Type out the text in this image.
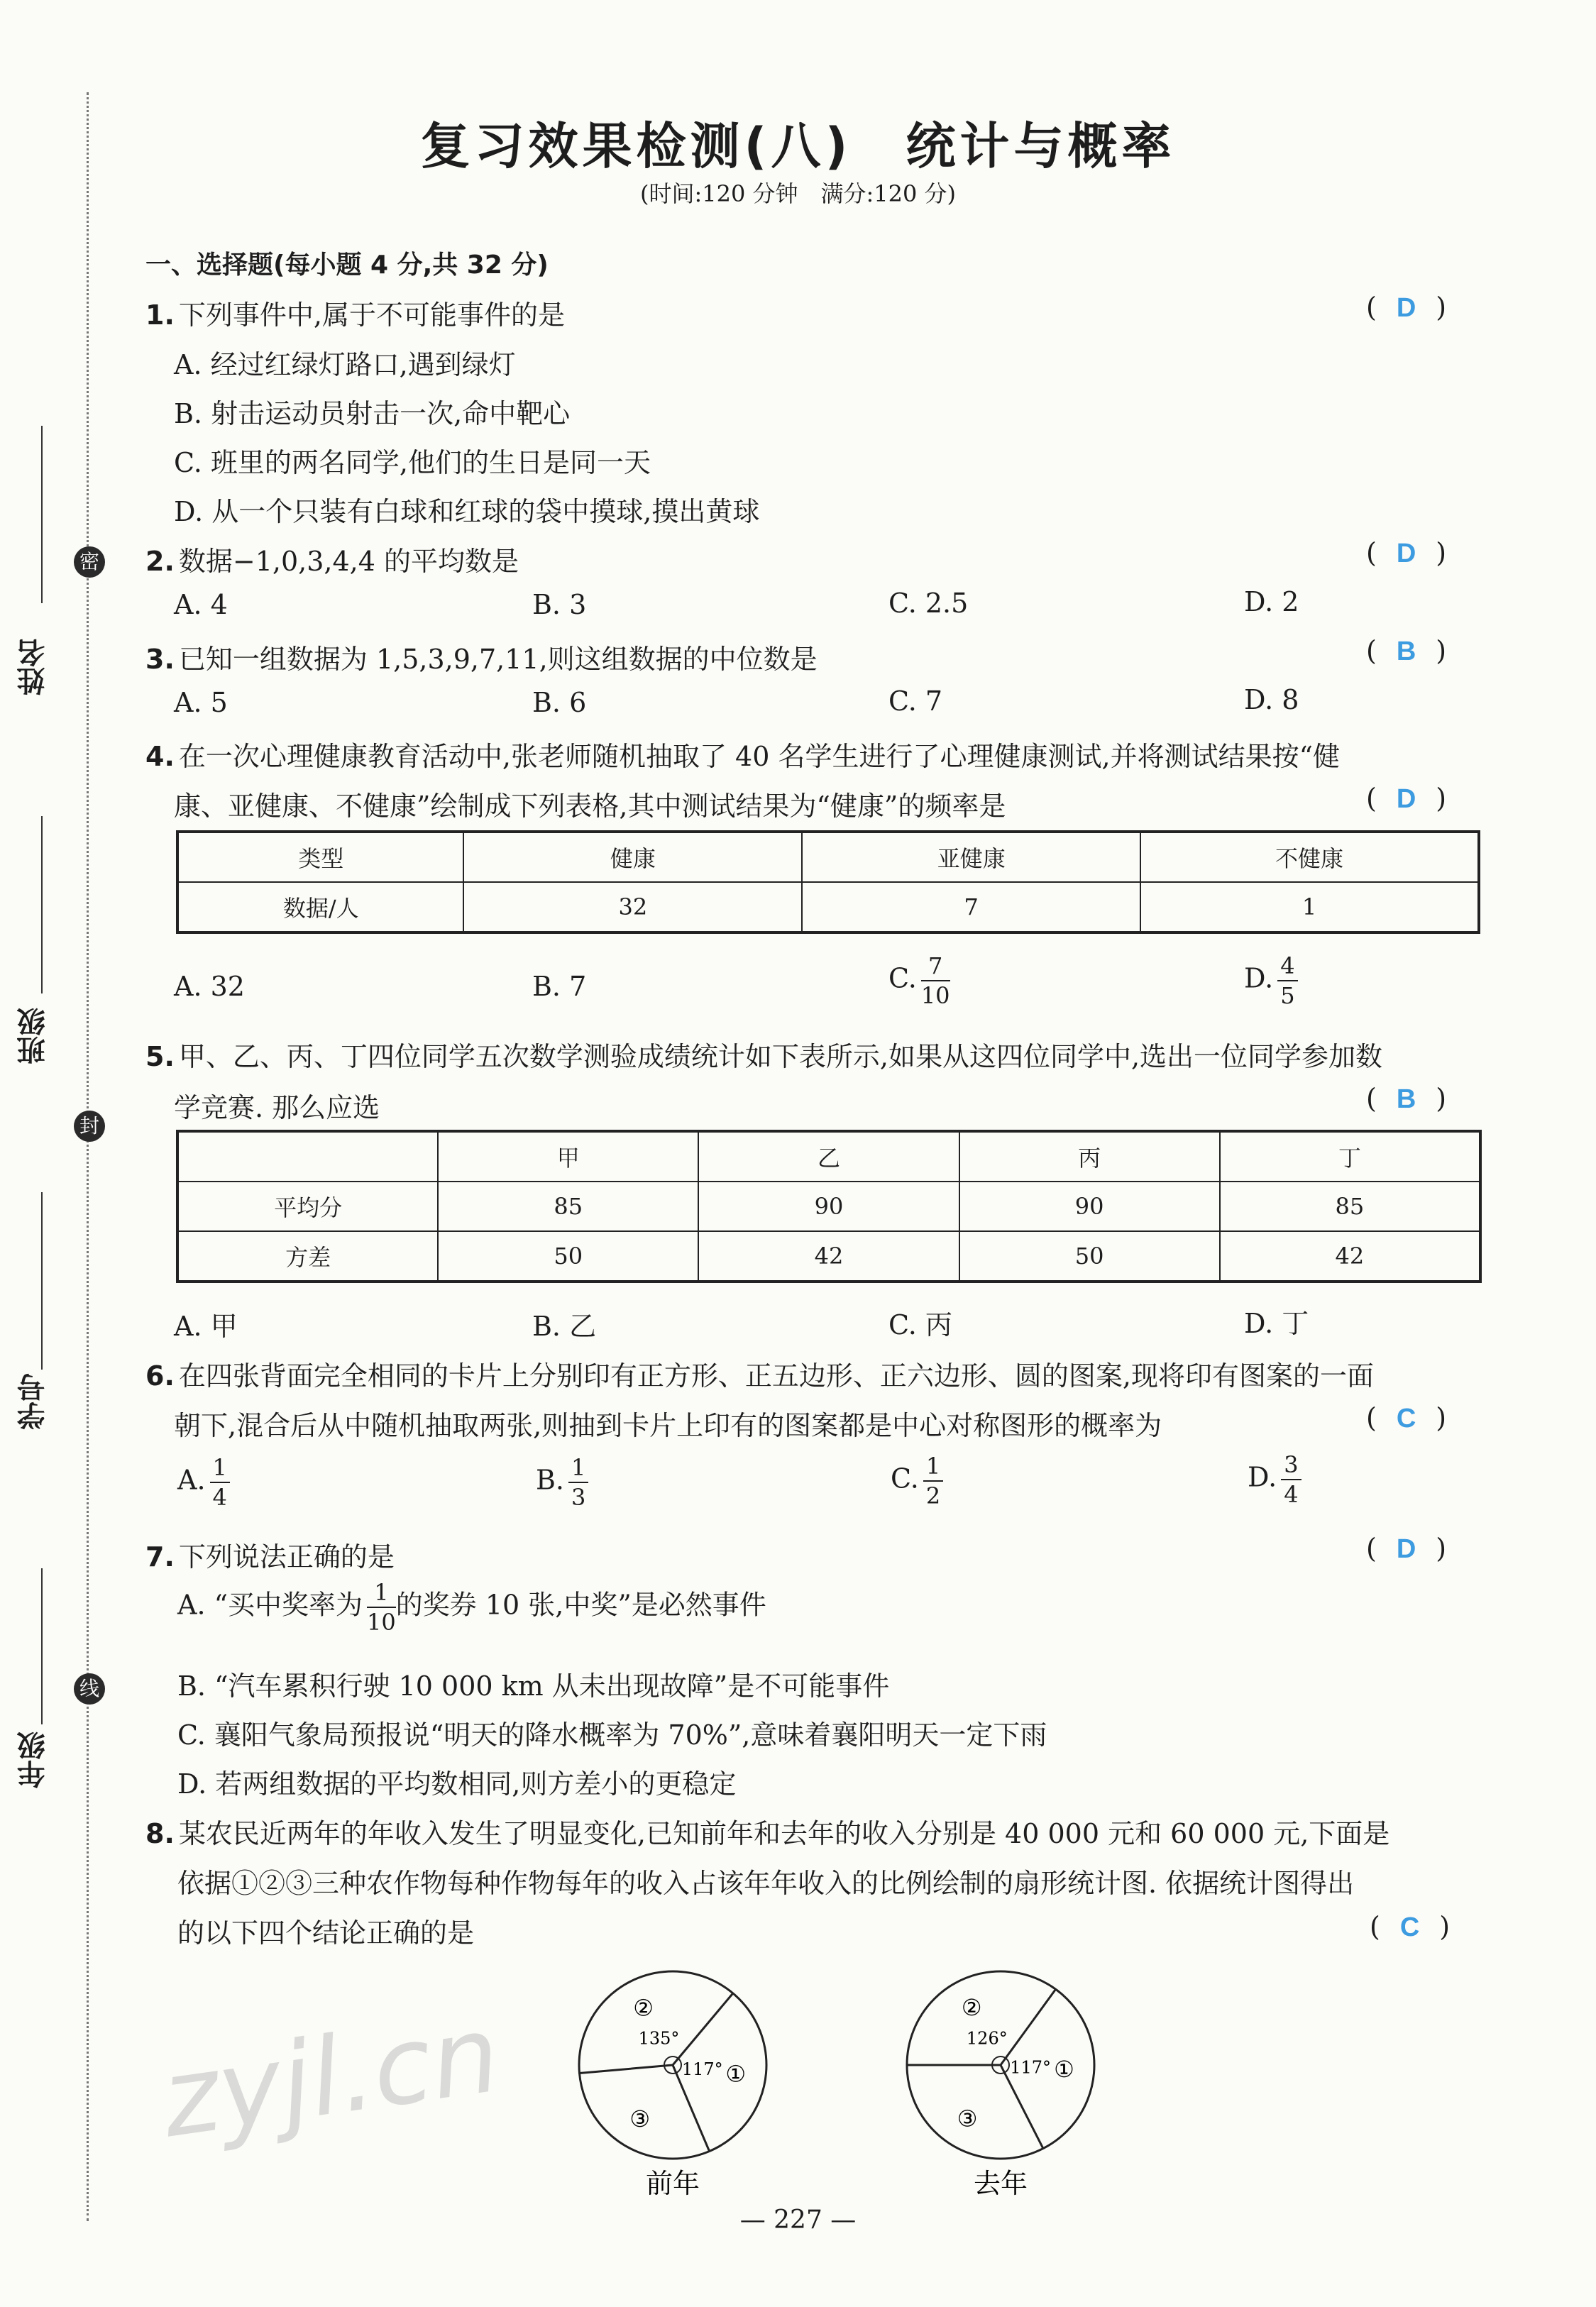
密
封
线
姓名
班级
学号
年级
复习效果检测(八)　统计与概率
(时间:120 分钟　满分:120 分)
一、选择题(每小题 4 分,共 32 分)
1. 下列事件中,属于不可能事件的是	( D )
A. 经过红绿灯路口,遇到绿灯
B. 射击运动员射击一次,命中靶心
C. 班里的两名同学,他们的生日是同一天
D. 从一个只装有白球和红球的袋中摸球,摸出黄球
2. 数据−1,0,3,4,4 的平均数是	( D )
A. 4	B. 3	C. 2.5	D. 2
3. 已知一组数据为 1,5,3,9,7,11,则这组数据的中位数是	( B )
A. 5	B. 6	C. 7	D. 8
4. 在一次心理健康教育活动中,张老师随机抽取了 40 名学生进行了心理健康测试,并将测试结果按“健
康、亚健康、不健康”绘制成下列表格,其中测试结果为“健康”的频率是	( D )
类型	健康	亚健康	不健康
数据/人	32	7	1
A. 32	B. 7	C. $\frac{7}{10}$	D. $\frac{4}{5}$
5. 甲、乙、丙、丁四位同学五次数学测验成绩统计如下表所示,如果从这四位同学中,选出一位同学参加数
学竞赛. 那么应选	( B )
	甲	乙	丙	丁
平均分	85	90	90	85
方差	50	42	50	42
A. 甲	B. 乙	C. 丙	D. 丁
6. 在四张背面完全相同的卡片上分别印有正方形、正五边形、正六边形、圆的图案,现将印有图案的一面
朝下,混合后从中随机抽取两张,则抽到卡片上印有的图案都是中心对称图形的概率为	( C )
A. $\frac{1}{4}$	B. $\frac{1}{3}$	C. $\frac{1}{2}$	D. $\frac{3}{4}$
7. 下列说法正确的是	( D )
A. “买中奖率为 $\frac{1}{10}$ 的奖券 10 张,中奖”是必然事件
B. “汽车累积行驶 10 000 km 从未出现故障”是不可能事件
C. 襄阳气象局预报说“明天的降水概率为 70%”,意味着襄阳明天一定下雨
D. 若两组数据的平均数相同,则方差小的更稳定
8. 某农民近两年的年收入发生了明显变化,已知前年和去年的收入分别是 40 000 元和 60 000 元,下面是
依据①②③三种农作物每种作物每年的收入占该年年收入的比例绘制的扇形统计图. 依据统计图得出
的以下四个结论正确的是	( C )
②
135°
①
117°
③
前年
②
126°
①
117°
③
去年
zyjl.cn
— 227 —
